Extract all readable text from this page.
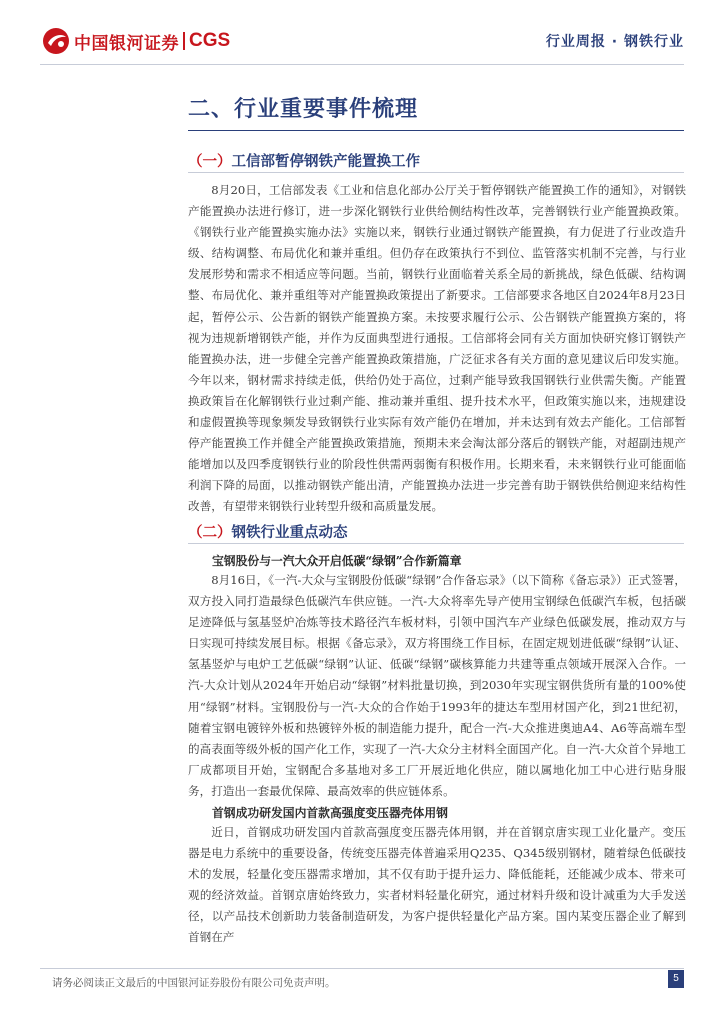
中国银河证券 CGS	行业周报 · 钢铁行业
二、行业重要事件梳理
（一）工信部暂停钢铁产能置换工作

8月20日，工信部发表《工业和信息化部办公厅关于暂停钢铁产能置换工作的通知》，对钢铁产能置换办法进行修订，进一步深化钢铁行业供给侧结构性改革，完善钢铁行业产能置换政策。《钢铁行业产能置换实施办法》实施以来，钢铁行业通过钢铁产能置换，有力促进了行业改造升级、结构调整、布局优化和兼并重组。但仍存在政策执行不到位、监管落实机制不完善，与行业发展形势和需求不相适应等问题。当前，钢铁行业面临着关系全局的新挑战，绿色低碳、结构调整、布局优化、兼并重组等对产能置换政策提出了新要求。工信部要求各地区自2024年8月23日起，暂停公示、公告新的钢铁产能置换方案。未按要求履行公示、公告钢铁产能置换方案的，将视为违规新增钢铁产能，并作为反面典型进行通报。工信部将会同有关方面加快研究修订钢铁产能置换办法，进一步健全完善产能置换政策措施，广泛征求各有关方面的意见建议后印发实施。今年以来，钢材需求持续走低，供给仍处于高位，过剩产能导致我国钢铁行业供需失衡。产能置换政策旨在化解钢铁行业过剩产能、推动兼并重组、提升技术水平，但政策实施以来，违规建设和虚假置换等现象频发导致钢铁行业实际有效产能仍在增加，并未达到有效去产能化。工信部暂停产能置换工作并健全产能置换政策措施，预期未来会淘汰部分落后的钢铁产能，对超副违规产能增加以及四季度钢铁行业的阶段性供需两弱衡有积极作用。长期来看，未来钢铁行业可能面临利润下降的局面，以推动钢铁产能出清，产能置换办法进一步完善有助于钢铁供给侧迎来结构性改善，有望带来钢铁行业转型升级和高质量发展。

（二）钢铁行业重点动态
宝钢股份与一汽大众开启低碳“绿钢”合作新篇章

8月16日，《一汽-大众与宝钢股份低碳“绿钢”合作备忘录》（以下简称《备忘录》）正式签署，双方投入同打造最绿色低碳汽车供应链。一汽-大众将率先导产使用宝钢绿色低碳汽车板，包括碳足迹降低与氢基竖炉冶炼等技术路径汽车板材料，引领中国汽车产业绿色低碳发展，推动双方与日实现可持续发展目标。根据《备忘录》，双方将围绕工作目标，在固定规划进低碳“绿钢”认证、氢基竖炉与电炉工艺低碳“绿钢”认证、低碳“绿钢”碳核算能力共建等重点领域开展深入合作。一汽-大众计划从2024年开始启动“绿钢”材料批量切换，到2030年实现宝钢供货所有量的100%使用“绿钢”材料。宝钢股份与一汽-大众的合作始于1993年的捷达车型用材国产化，到21世纪初，随着宝钢电镀锌外板和热镀锌外板的制造能力提升，配合一汽-大众推进奥迪A4、A6等高端车型的高表面等级外板的国产化工作，实现了一汽-大众分主材料全面国产化。自一汽-大众首个异地工厂成都项目开始，宝钢配合多基地对多工厂开展近地化供应，随以属地化加工中心进行贴身服务，打造出一套最优保障、最高效率的供应链体系。

首钢成功研发国内首款高强度变压器壳体用钢

近日，首钢成功研发国内首款高强度变压器壳体用钢，并在首钢京唐实现工业化量产。变压器是电力系统中的重要设备，传统变压器壳体普遍采用Q235、Q345级别钢材，随着绿色低碳技术的发展，轻量化变压器需求增加，其不仅有助于提升运力、降低能耗，还能减少成本、带来可观的经济效益。首钢京唐始终致力，实者材料轻量化研究，通过材料升级和设计减重为大手发送径，以产品技术创新助力装备制造研发，为客户提供轻量化产品方案。国内某变压器企业了解到首钢在产

请务必阅读正文最后的中国银河证券股份有限公司免责声明。	5
